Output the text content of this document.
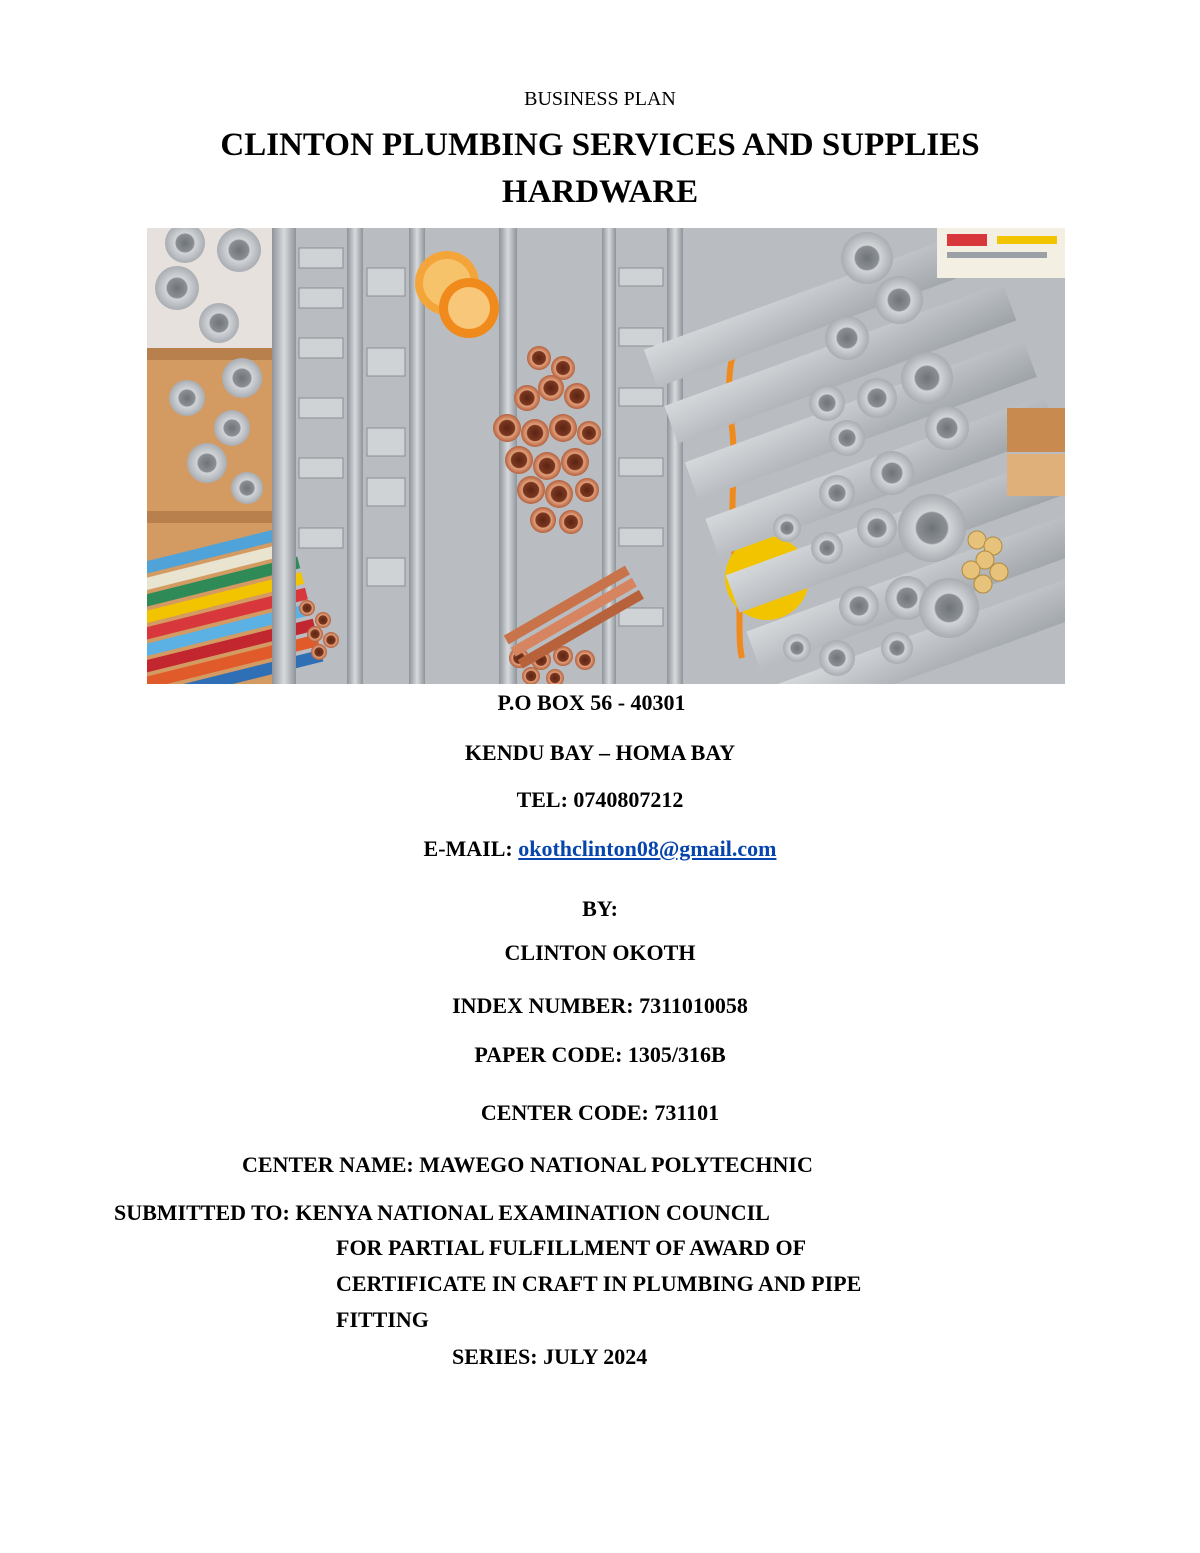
BUSINESS PLAN
CLINTON PLUMBING SERVICES AND SUPPLIES
HARDWARE
P.O BOX 56 - 40301
KENDU BAY – HOMA BAY
TEL: 0740807212
E-MAIL: okothclinton08@gmail.com
BY:
CLINTON OKOTH
INDEX NUMBER: 7311010058
PAPER CODE: 1305/316B
CENTER CODE: 731101
CENTER NAME: MAWEGO NATIONAL POLYTECHNIC
SUBMITTED TO: KENYA NATIONAL EXAMINATION COUNCIL
FOR PARTIAL FULFILLMENT OF AWARD OF
CERTIFICATE IN CRAFT IN PLUMBING AND PIPE
FITTING
SERIES: JULY 2024
